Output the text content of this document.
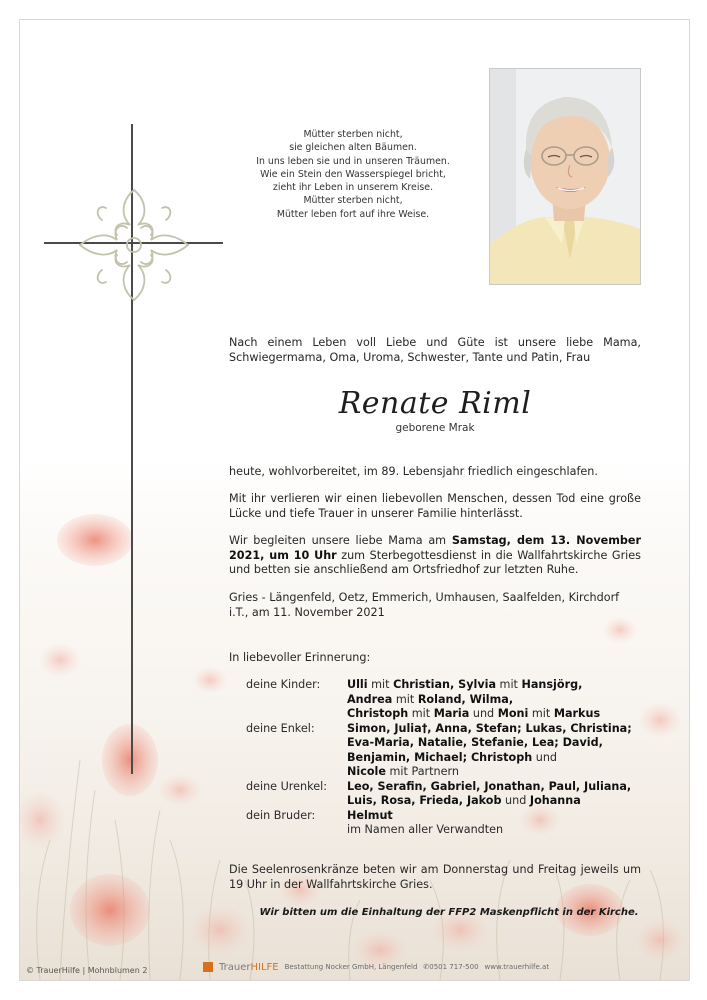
Mütter sterben nicht,
sie gleichen alten Bäumen.
In uns leben sie und in unseren Träumen.
Wie ein Stein den Wasserspiegel bricht,
zieht ihr Leben in unserem Kreise.
Mütter sterben nicht,
Mütter leben fort auf ihre Weise.
Nach einem Leben voll Liebe und Güte ist unsere liebe Mama, Schwiegermama, Oma, Uroma, Schwester, Tante und Patin, Frau
Renate Riml
geborene Mrak
heute, wohlvorbereitet, im 89. Lebensjahr friedlich eingeschlafen.
Mit ihr verlieren wir einen liebevollen Menschen, dessen Tod eine große Lücke und tiefe Trauer in unserer Familie hinterlässt.
Wir begleiten unsere liebe Mama am Samstag, dem 13. November 2021, um 10 Uhr zum Sterbegottesdienst in die Wallfahrtskirche Gries und betten sie anschließend am Ortsfriedhof zur letzten Ruhe.
Gries - Längenfeld, Oetz, Emmerich, Umhausen, Saalfelden, Kirchdorf i.T., am 11. November 2021
In liebevoller Erinnerung:
deine Kinder:
deine Enkel:
deine Urenkel:
dein Bruder:
Ulli mit Christian, Sylvia mit Hansjörg,
Andrea mit Roland, Wilma,
Christoph mit Maria und Moni mit Markus
Simon, Julia†, Anna, Stefan; Lukas, Christina;
Eva-Maria, Natalie, Stefanie, Lea; David,
Benjamin, Michael; Christoph und
Nicole mit Partnern
Leo, Serafin, Gabriel, Jonathan, Paul, Juliana,
Luis, Rosa, Frieda, Jakob und Johanna
Helmut
im Namen aller Verwandten
Die Seelenrosenkränze beten wir am Donnerstag und Freitag jeweils um 19 Uhr in der Wallfahrtskirche Gries.
Wir bitten um die Einhaltung der FFP2 Maskenpflicht in der Kirche.
© TrauerHilfe | Mohnblumen 2	TrauerHILFE Bestattung Nocker GmbH, Längenfeld ✆0501 717-500 www.trauerhilfe.at
